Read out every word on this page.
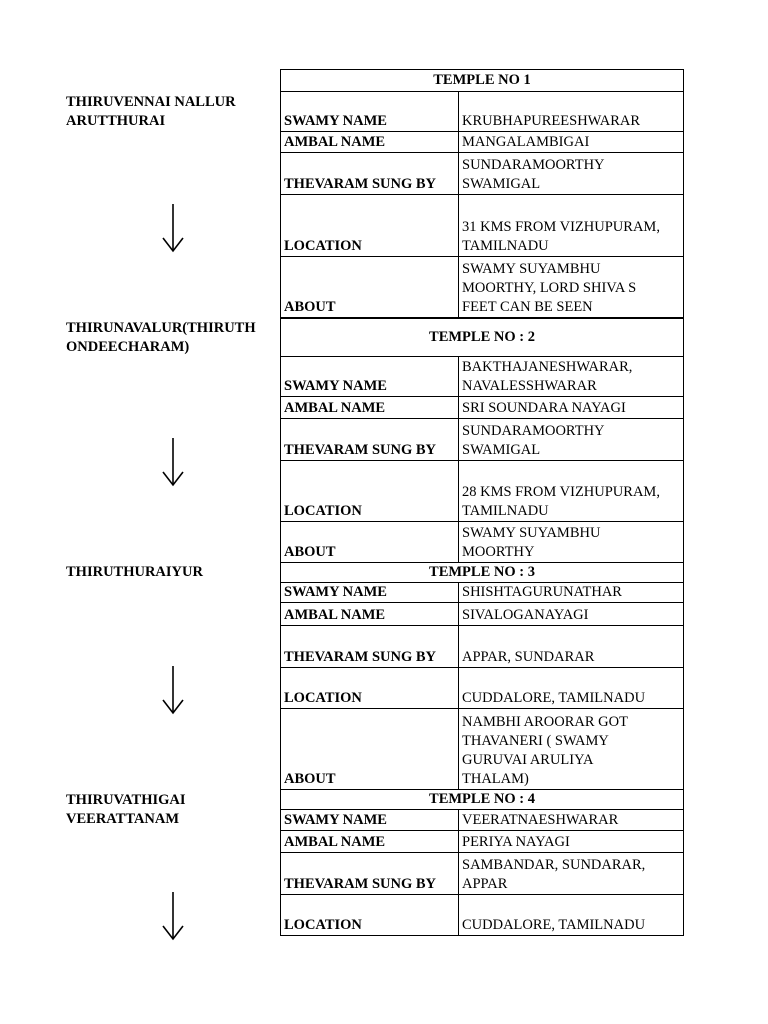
THIRUVENNAI NALLUR
ARUTTHURAI
THIRUNAVALUR(THIRUTH
ONDEECHARAM)
THIRUTHURAIYUR
THIRUVATHIGAI VEERATTANAM
TEMPLE NO 1	
SWAMY NAME	KRUBHAPUREESHWARAR
AMBAL NAME	MANGALAMBIGAI
THEVARAM SUNG BY	SUNDARAMOORTHY
SWAMIGAL
LOCATION	31 KMS FROM VIZHUPURAM,
TAMILNADU
ABOUT	SWAMY SUYAMBHU
MOORTHY, LORD SHIVA S
FEET CAN BE SEEN
TEMPLE NO : 2	
SWAMY NAME	BAKTHAJANESHWARAR,
NAVALESSHWARAR
AMBAL NAME	SRI SOUNDARA NAYAGI
THEVARAM SUNG BY	SUNDARAMOORTHY
SWAMIGAL
LOCATION	28 KMS FROM VIZHUPURAM,
TAMILNADU
ABOUT	SWAMY SUYAMBHU
MOORTHY
TEMPLE NO : 3	
SWAMY NAME	SHISHTAGURUNATHAR
AMBAL NAME	SIVALOGANAYAGI
THEVARAM SUNG BY	APPAR, SUNDARAR
LOCATION	CUDDALORE, TAMILNADU
ABOUT	NAMBHI AROORAR GOT
THAVANERI ( SWAMY
GURUVAI ARULIYA
THALAM)
TEMPLE NO : 4	
SWAMY NAME	VEERATNAESHWARAR
AMBAL NAME	PERIYA NAYAGI
THEVARAM SUNG BY	SAMBANDAR, SUNDARAR,
APPAR
LOCATION	CUDDALORE, TAMILNADU
